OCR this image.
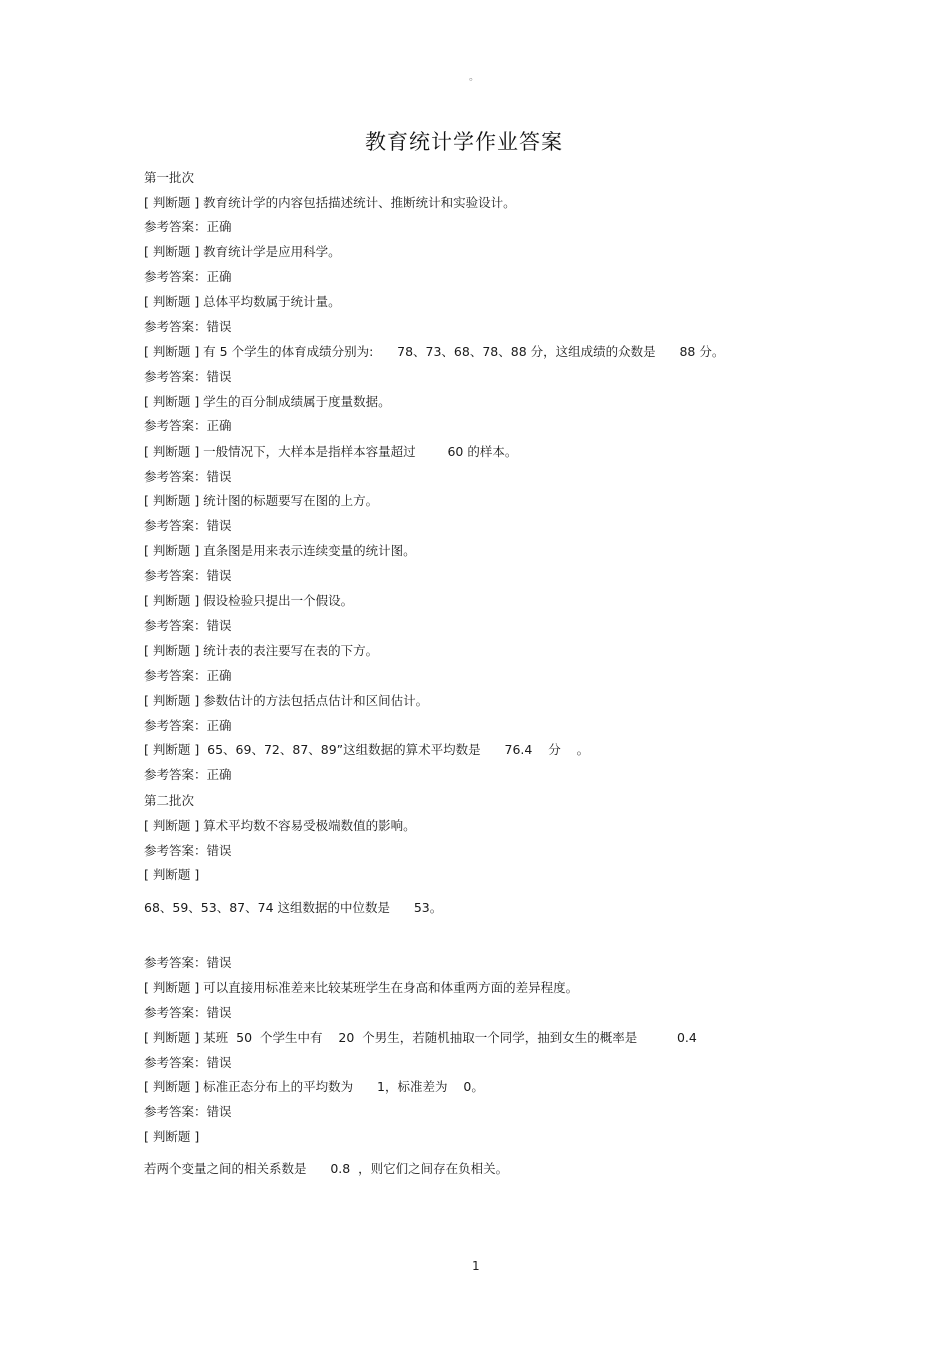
。
教育统计学作业答案
第一批次
[ 判断题 ] 教育统计学的内容包括描述统计、推断统计和实验设计。
参考答案：正确
[ 判断题 ] 教育统计学是应用科学。
参考答案：正确
[ 判断题 ] 总体平均数属于统计量。
参考答案：错误
[ 判断题 ] 有 5 个学生的体育成绩分别为:      78、73、68、78、88 分，这组成绩的众数是      88 分。
参考答案：错误
[ 判断题 ] 学生的百分制成绩属于度量数据。
参考答案：正确
[ 判断题 ] 一般情况下，大样本是指样本容量超过        60 的样本。
参考答案：错误
[ 判断题 ] 统计图的标题要写在图的上方。
参考答案：错误
[ 判断题 ] 直条图是用来表示连续变量的统计图。
参考答案：错误
[ 判断题 ] 假设检验只提出一个假设。
参考答案：错误
[ 判断题 ] 统计表的表注要写在表的下方。
参考答案：正确
[ 判断题 ] 参数估计的方法包括点估计和区间估计。
参考答案：正确
[ 判断题 ]  65、69、72、87、89”这组数据的算术平均数是      76.4    分    。
参考答案：正确
第二批次
[ 判断题 ] 算术平均数不容易受极端数值的影响。
参考答案：错误
[ 判断题 ]
68、59、53、87、74 这组数据的中位数是      53。
参考答案：错误
[ 判断题 ] 可以直接用标准差来比较某班学生在身高和体重两方面的差异程度。
参考答案：错误
[ 判断题 ] 某班  50  个学生中有    20  个男生，若随机抽取一个同学，抽到女生的概率是          0.4
参考答案：错误
[ 判断题 ] 标准正态分布上的平均数为      1，标准差为    0。
参考答案：错误
[ 判断题 ]
若两个变量之间的相关系数是      0.8  ，则它们之间存在负相关。
1
